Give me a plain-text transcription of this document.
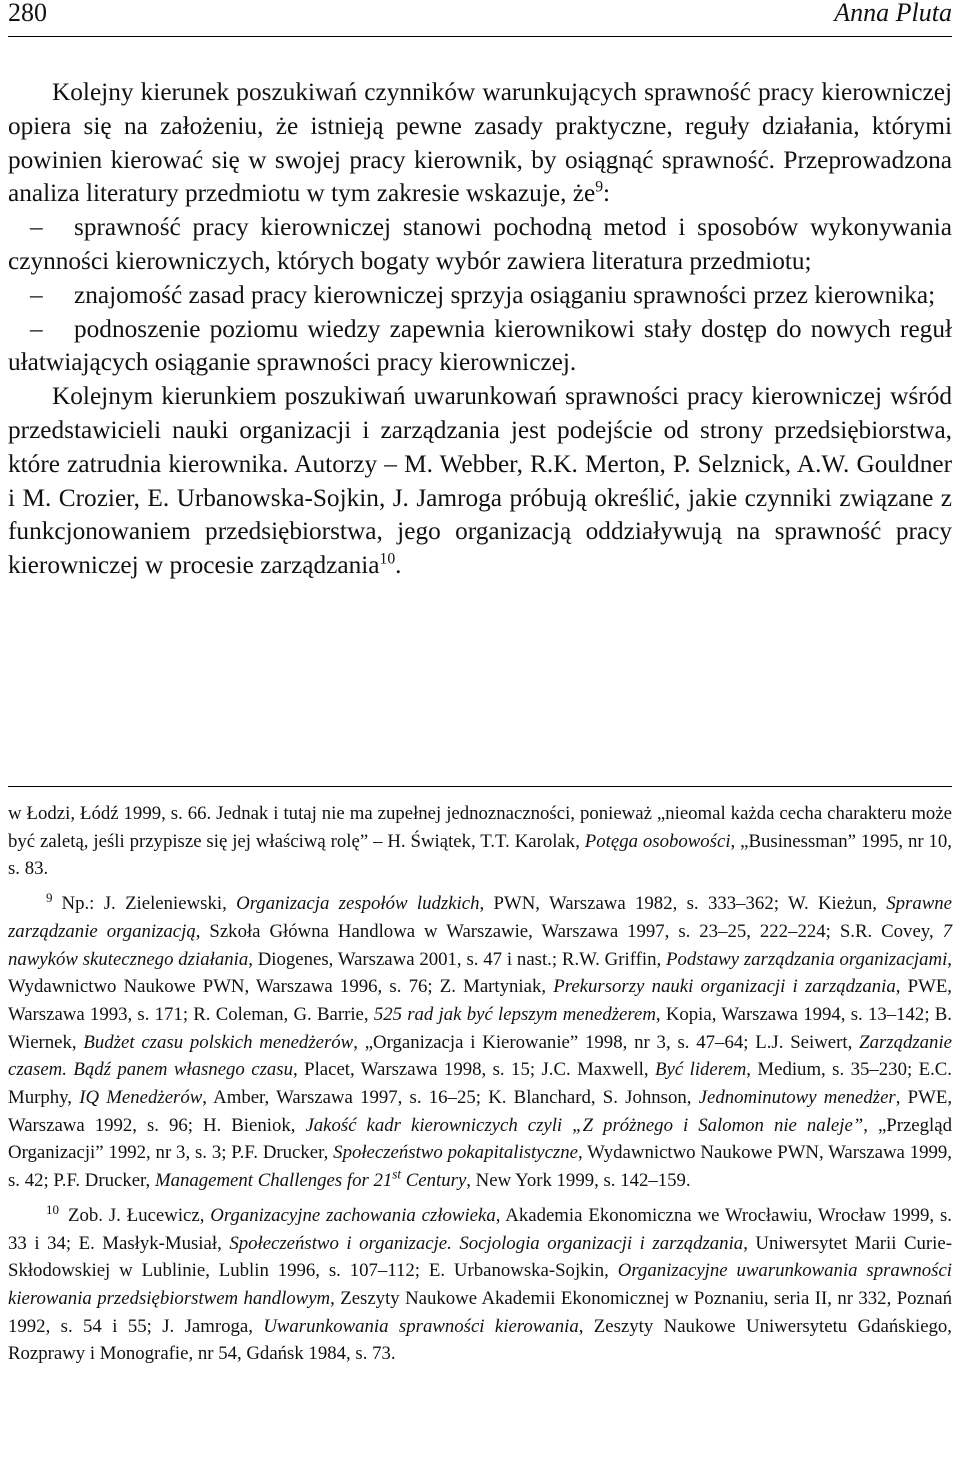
280	Anna Pluta

Kolejny kierunek poszukiwań czynników warunkujących sprawność pracy kierowniczej opiera się na założeniu, że istnieją pewne zasady praktyczne, reguły działania, którymi powinien kierować się w swojej pracy kierownik, by osiągnąć sprawność. Przeprowadzona analiza literatury przedmiotu w tym zakresie wskazuje, $że^9$:

– sprawność pracy kierowniczej stanowi pochodną metod i sposobów wykonywania czynności kierowniczych, których bogaty wybór zawiera literatura przedmiotu;

– znajomość zasad pracy kierowniczej sprzyja osiąganiu sprawności przez kierownika;

– podnoszenie poziomu wiedzy zapewnia kierownikowi stały dostęp do nowych reguł ułatwiających osiąganie sprawności pracy kierowniczej.

Kolejnym kierunkiem poszukiwań uwarunkowań sprawności pracy kierowniczej wśród przedstawicieli nauki organizacji i zarządzania jest podejście od strony przedsiębiorstwa, które zatrudnia kierownika. Autorzy – M. Webber, R.K. Merton, P. Selznick, A.W. Gouldner i M. Crozier, E. Urbanowska-Sojkin, J. Jamroga próbują określić, jakie czynniki związane z funkcjonowaniem przedsiębiorstwa, jego organizacją oddziaływują na sprawność pracy kierowniczej w procesie zarządzania$^{10}$.

w Łodzi, Łódź 1999, s. 66. Jednak i tutaj nie ma zupełnej jednoznaczności, ponieważ „nieomal każda cecha charakteru może być zaletą, jeśli przypisze się jej właściwą rolę” – H. Świątek, T.T. Karolak, Potęga osobowości, „Businessman” 1995, nr 10, s. 83.

$^9$ Np.: J. Zieleniewski, Organizacja zespołów ludzkich, PWN, Warszawa 1982, s. 333–362; W. Kieżun, Sprawne zarządzanie organizacją, Szkoła Główna Handlowa w Warszawie, Warszawa 1997, s. 23–25, 222–224; S.R. Covey, 7 nawyków skutecznego działania, Diogenes, Warszawa 2001, s. 47 i nast.; R.W. Griffin, Podstawy zarządzania organizacjami, Wydawnictwo Naukowe PWN, Warszawa 1996, s. 76; Z. Martyniak, Prekursorzy nauki organizacji i zarządzania, PWE, Warszawa 1993, s. 171; R. Coleman, G. Barrie, 525 rad jak być lepszym menedżerem, Kopia, Warszawa 1994, s. 13–142; B. Wiernek, Budżet czasu polskich menedżerów, „Organizacja i Kierowanie” 1998, nr 3, s. 47–64; L.J. Seiwert, Zarządzanie czasem. Bądź panem własnego czasu, Placet, Warszawa 1998, s. 15; J.C. Maxwell, Być liderem, Medium, s. 35–230; E.C. Murphy, IQ Menedżerów, Amber, Warszawa 1997, s. 16–25; K. Blanchard, S. Johnson, Jednominutowy menedżer, PWE, Warszawa 1992, s. 96; H. Bieniok, Jakość kadr kierowniczych czyli „Z próżnego i Salomon nie naleje”, „Przegląd Organizacji” 1992, nr 3, s. 3; P.F. Drucker, Społeczeństwo pokapitalistyczne, Wydawnictwo Naukowe PWN, Warszawa 1999, s. 42; P.F. Drucker, Management Challenges for 21st Century, New York 1999, s. 142–159.

$^{10}$ Zob. J. Łucewicz, Organizacyjne zachowania człowieka, Akademia Ekonomiczna we Wrocławiu, Wrocław 1999, s. 33 i 34; E. Masłyk-Musiał, Społeczeństwo i organizacje. Socjologia organizacji i zarządzania, Uniwersytet Marii Curie-Skłodowskiej w Lublinie, Lublin 1996, s. 107–112; E. Urbanowska-Sojkin, Organizacyjne uwarunkowania sprawności kierowania przedsiębiorstwem handlowym, Zeszyty Naukowe Akademii Ekonomicznej w Poznaniu, seria II, nr 332, Poznań 1992, s. 54 i 55; J. Jamroga, Uwarunkowania sprawności kierowania, Zeszyty Naukowe Uniwersytetu Gdańskiego, Rozprawy i Monografie, nr 54, Gdańsk 1984, s. 73.
